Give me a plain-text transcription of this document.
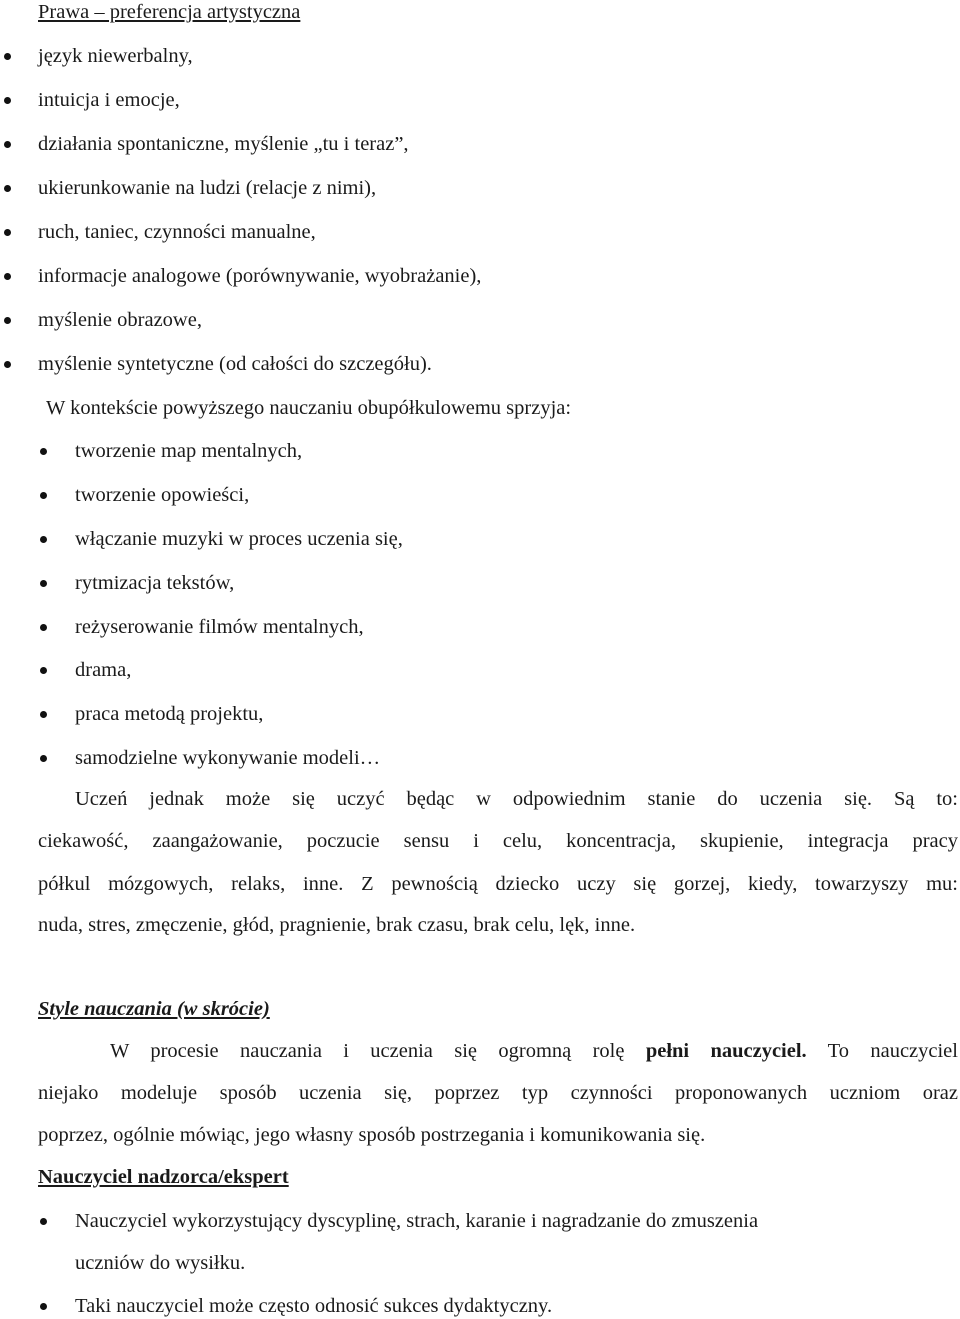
Prawa – preferencja artystyczna
język niewerbalny,
intuicja i emocje,
działania spontaniczne, myślenie „tu i teraz”,
ukierunkowanie na ludzi (relacje z nimi),
ruch, taniec, czynności manualne,
informacje analogowe (porównywanie, wyobrażanie),
myślenie obrazowe,
myślenie syntetyczne (od całości do szczegółu).
W kontekście powyższego nauczaniu obupółkulowemu sprzyja:
tworzenie map mentalnych,
tworzenie opowieści,
włączanie muzyki w proces uczenia się,
rytmizacja tekstów,
reżyserowanie filmów mentalnych,
drama,
praca metodą projektu,
samodzielne wykonywanie modeli…
Uczeń jednak może się uczyć będąc w odpowiednim stanie do uczenia się. Są to:
ciekawość, zaangażowanie, poczucie sensu i celu, koncentracja, skupienie, integracja pracy
półkul mózgowych, relaks, inne. Z pewnością dziecko uczy się gorzej, kiedy, towarzyszy mu:
nuda, stres, zmęczenie, głód, pragnienie, brak czasu, brak celu, lęk, inne.
Style nauczania (w skrócie)
W procesie nauczania i uczenia się ogromną rolę pełni nauczyciel. To nauczyciel
niejako modeluje sposób uczenia się, poprzez typ czynności proponowanych uczniom oraz
poprzez, ogólnie mówiąc, jego własny sposób postrzegania i komunikowania się.
Nauczyciel nadzorca/ekspert
Nauczyciel wykorzystujący dyscyplinę, strach, karanie i nagradzanie do zmuszenia
uczniów do wysiłku.
Taki nauczyciel może często odnosić sukces dydaktyczny.
